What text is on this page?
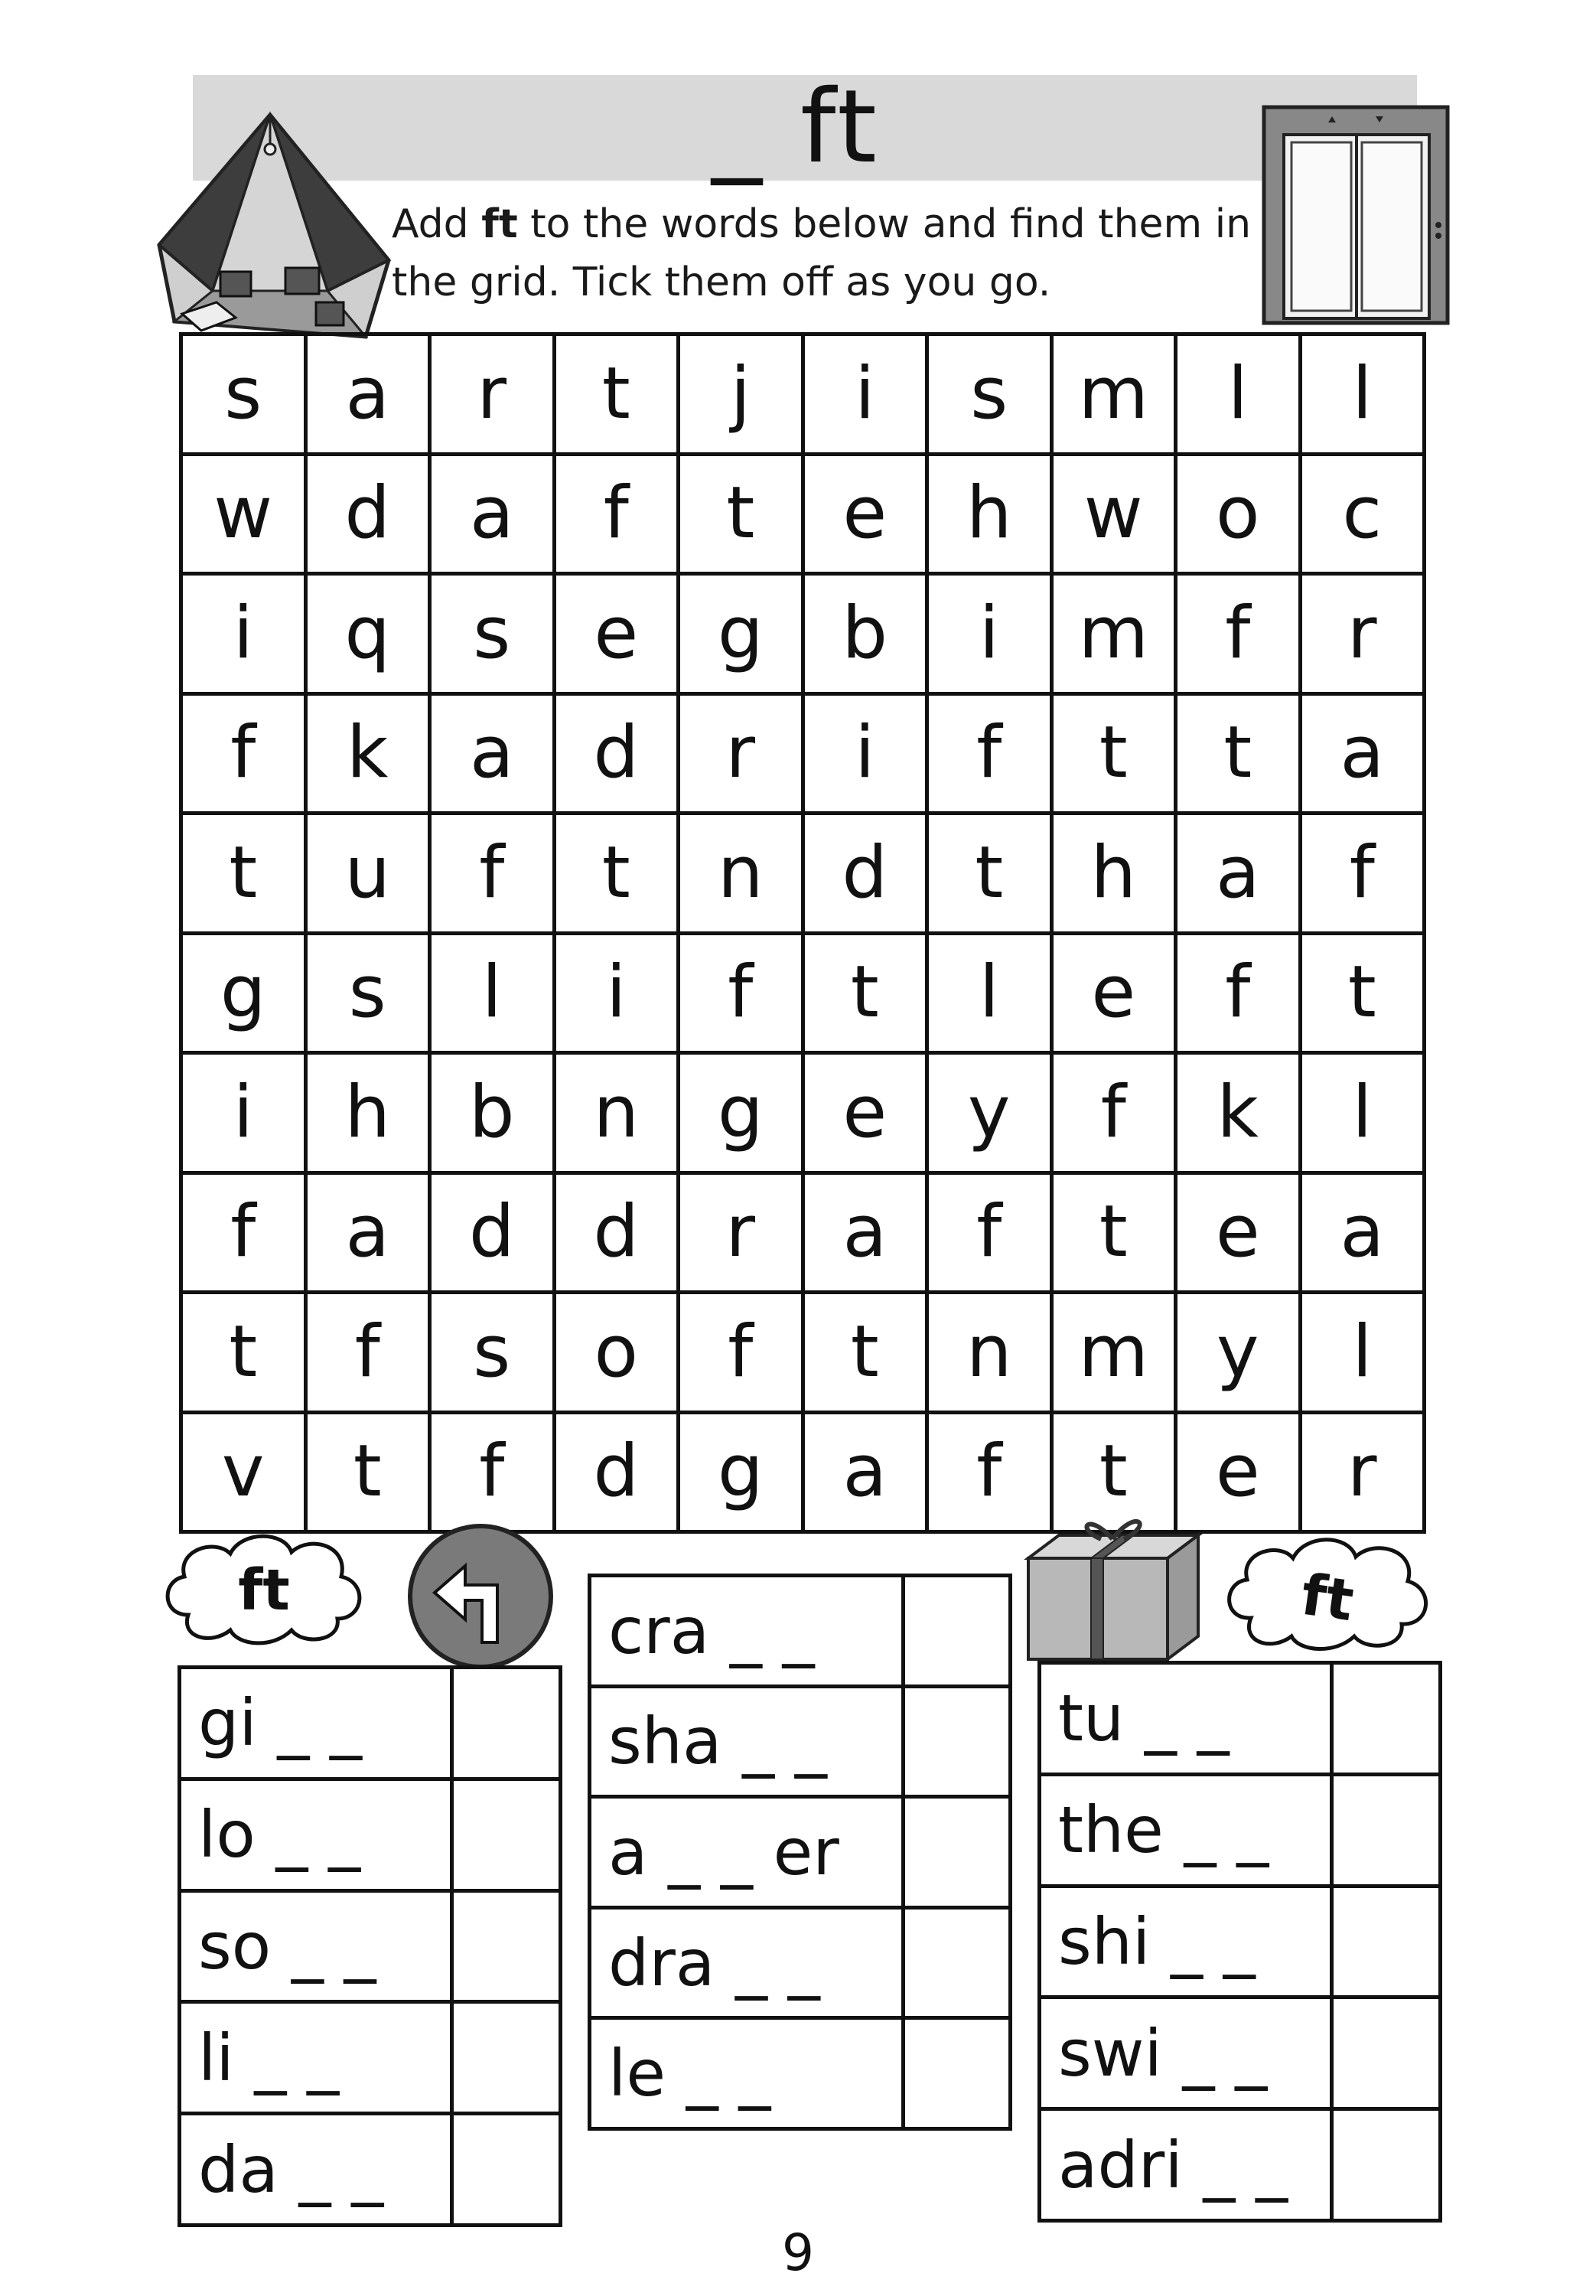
_ ft
Add ft to the words below and find them in the grid. Tick them off as you go.
s	a	r	t	j	i	s	m	l	l
w	d	a	f	t	e	h	w	o	c
i	q	s	e	g	b	i	m	f	r
f	k	a	d	r	i	f	t	t	a
t	u	f	t	n	d	t	h	a	f
g	s	l	i	f	t	l	e	f	t
i	h	b	n	g	e	y	f	k	l
f	a	d	d	r	a	f	t	e	a
t	f	s	o	f	t	n	m	y	l
v	t	f	d	g	a	f	t	e	r
ft	ft
gi _ _	
lo _ _	
so _ _	
li _ _	
da _ _	
cra _ _	
sha _ _	
a _ _ er	
dra _ _	
le _ _	
tu _ _	
the _ _	
shi _ _	
swi _ _	
adri _ _	
9
